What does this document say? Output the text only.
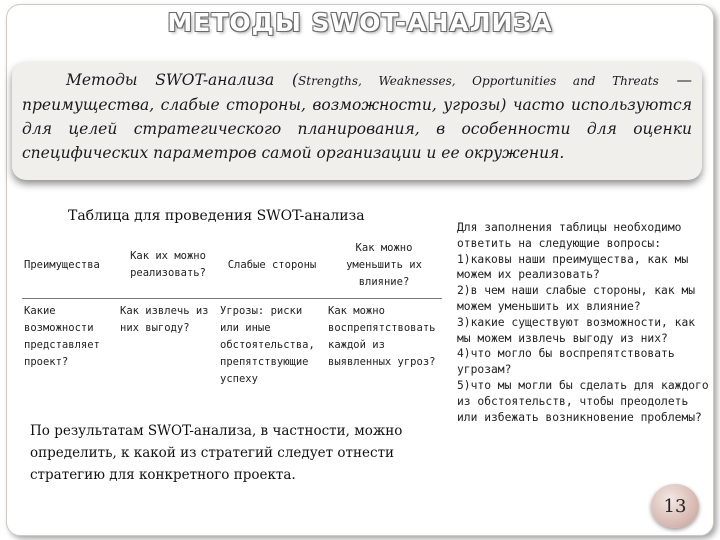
МЕТОДЫ SWOT-АНАЛИЗА
Методы SWOT-анализа (Strengths, Weaknesses, Opportunities and Threats — преимущества, слабые стороны, возможности, угрозы) часто используются для целей стратегического планирования, в особенности для оценки специфических параметров самой организации и ее окружения.
Таблица для проведения SWOT-анализа
Преимущества	Как их можно реализовать?	Слабые стороны	Как можно уменьшить их влияние?
Какие возможности представляет проект?	Как извлечь из них выгоду?	Угрозы: риски или иные обстоятельства, препятствующие успеху	Как можно воспрепятствовать каждой из выявленных угроз?
По результатам SWOT-анализа, в частности, можно определить, к какой из стратегий следует отнести стратегию для конкретного проекта.

Для заполнения таблицы необходимо ответить на следующие вопросы:

1)каковы наши преимущества, как мы можем их реализовать?

2)в чем наши слабые стороны, как мы можем уменьшить их влияние?

3)какие существуют возможности, как мы можем извлечь выгоду из них?

4)что могло бы воспрепятствовать угрозам?

5)что мы могли бы сделать для каждого из обстоятельств, чтобы преодолеть или избежать возникновение проблемы?

13
